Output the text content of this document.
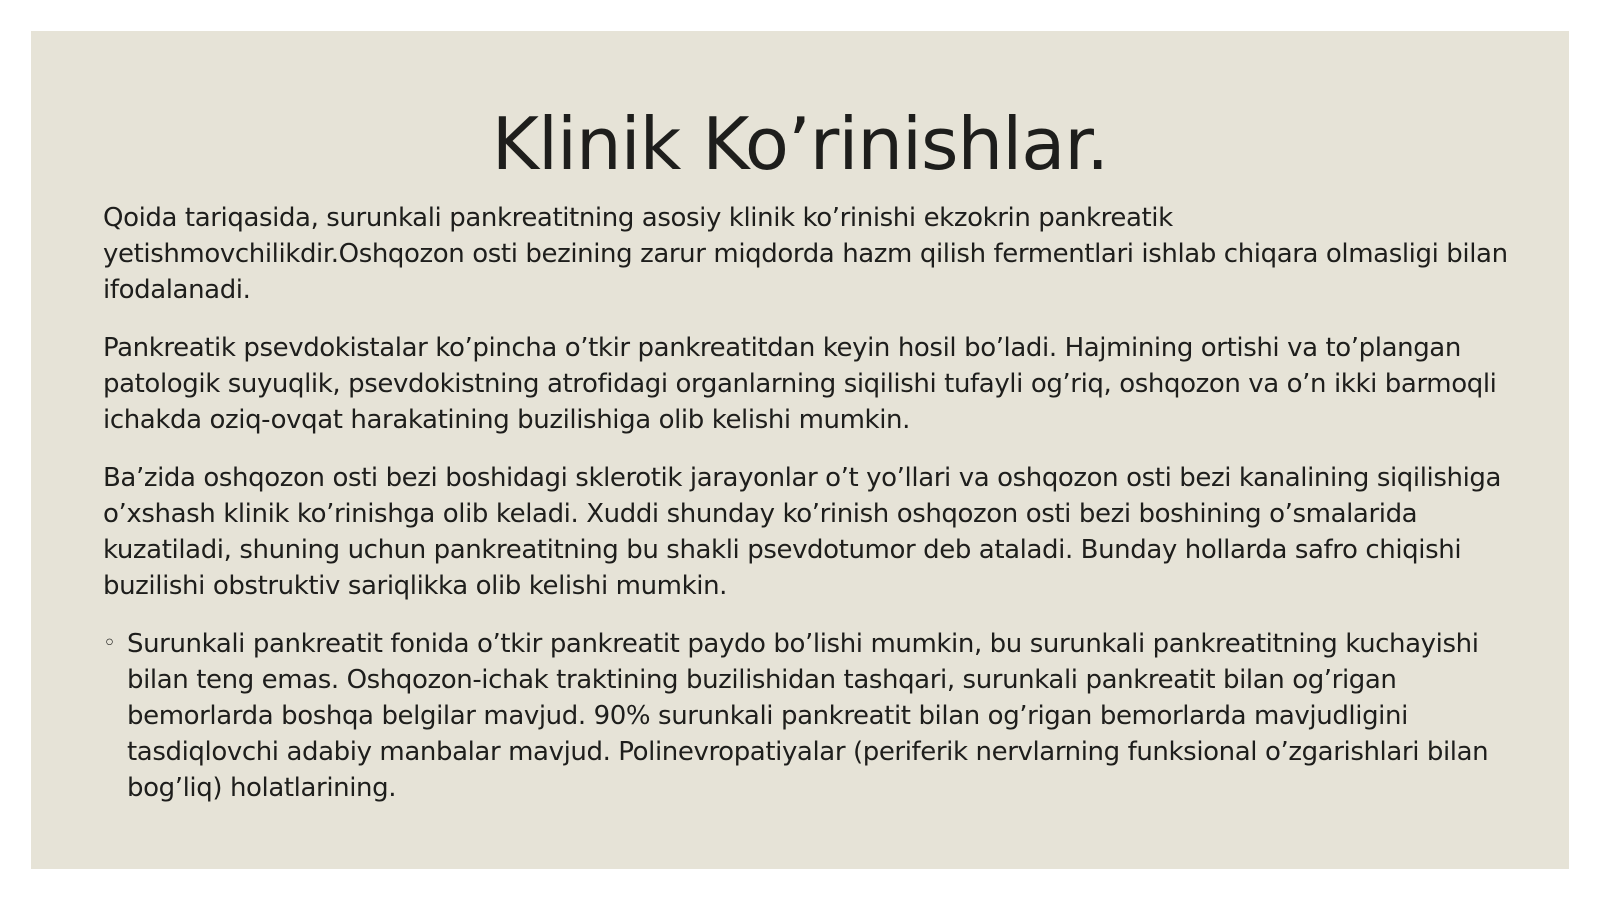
Klinik Ko’rinishlar.

Qoida tariqasida, surunkali pankreatitning asosiy klinik ko’rinishi ekzokrin pankreatik yetishmovchilikdir.Oshqozon osti bezining zarur miqdorda hazm qilish fermentlari ishlab chiqara olmasligi bilan ifodalanadi.

Pankreatik psevdokistalar ko’pincha o’tkir pankreatitdan keyin hosil bo’ladi. Hajmining ortishi va to’plangan patologik suyuqlik, psevdokistning atrofidagi organlarning siqilishi tufayli og’riq, oshqozon va o’n ikki barmoqli ichakda oziq-ovqat harakatining buzilishiga olib kelishi mumkin.

Ba’zida oshqozon osti bezi boshidagi sklerotik jarayonlar o’t yo’llari va oshqozon osti bezi kanalining siqilishiga o’xshash klinik ko’rinishga olib keladi. Xuddi shunday ko’rinish oshqozon osti bezi boshining o’smalarida kuzatiladi, shuning uchun pankreatitning bu shakli psevdotumor deb ataladi. Bunday hollarda safro chiqishi buzilishi obstruktiv sariqlikka olib kelishi mumkin.

◦ Surunkali pankreatit fonida o’tkir pankreatit paydo bo’lishi mumkin, bu surunkali pankreatitning kuchayishi bilan teng emas. Oshqozon-ichak traktining buzilishidan tashqari, surunkali pankreatit bilan og’rigan bemorlarda boshqa belgilar mavjud. 90% surunkali pankreatit bilan og’rigan bemorlarda mavjudligini tasdiqlovchi adabiy manbalar mavjud. Polinevropatiyalar (periferik nervlarning funksional o’zgarishlari bilan bog’liq) holatlarining.
